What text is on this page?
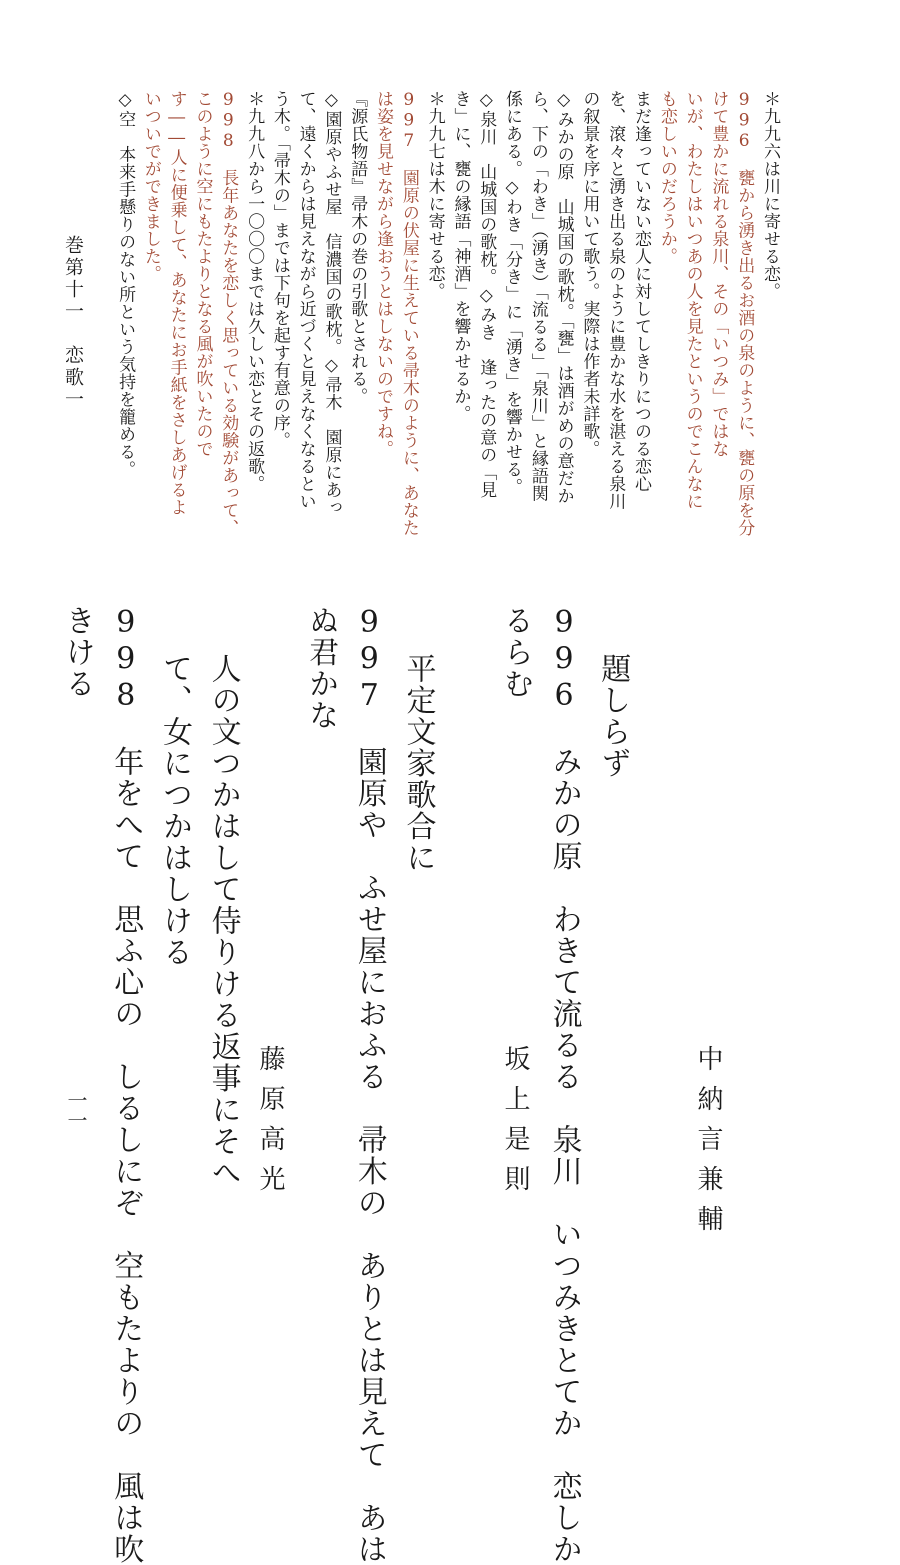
＊九九六は川に寄せる恋。
996　甕から湧き出るお酒の泉のように、甕の原を分
けて豊かに流れる泉川、その「いつみ」ではな
いが、わたしはいつあの人を見たというのでこんなに
も恋しいのだろうか。
まだ逢っていない恋人に対してしきりにつのる恋心
を、滾々と湧き出る泉のように豊かな水を湛える泉川
の叙景を序に用いて歌う。実際は作者未詳歌。
◇みかの原　山城国の歌枕。「甕」は酒がめの意だか
ら、下の「わき」（湧き）「流るる」「泉川」と縁語関
係にある。◇わき「分き」に「湧き」を響かせる。
◇泉川　山城国の歌枕。◇みき　逢ったの意の「見
き」に、甕の縁語「神酒」を響かせるか。
＊九九七は木に寄せる恋。
997　園原の伏屋に生えている帚木のように、あなた
は姿を見せながら逢おうとはしないのですね。
『源氏物語』帚木の巻の引歌とされる。
◇園原やふせ屋　信濃国の歌枕。◇帚木　園原にあっ
て、遠くからは見えながら近づくと見えなくなるとい
う木。「帚木の」までは下句を起す有意の序。
＊九九八から一〇〇〇までは久しい恋とその返歌。
998　長年あなたを恋しく思っている効験があって、
このように空にもたよりとなる風が吹いたので
す――人に便乗して、あなたにお手紙をさしあげるよ
いついでができました。
◇空　本来手懸りのない所という気持を籠める。
題しらず
996　みかの原　わきて流るる　泉川　いつみきとてか　恋しか
るらむ
平定文家歌合に
997　園原や　ふせ屋におふる　帚木の　ありとは見えて　あは
ぬ君かな
人の文つかはして侍りける返事にそへ
て、女につかはしける
998　年をへて　思ふ心の　しるしにぞ　空もたよりの　風は吹
きける
中納言兼輔
坂上是則
藤原高光
巻第十一　恋歌一
一一
